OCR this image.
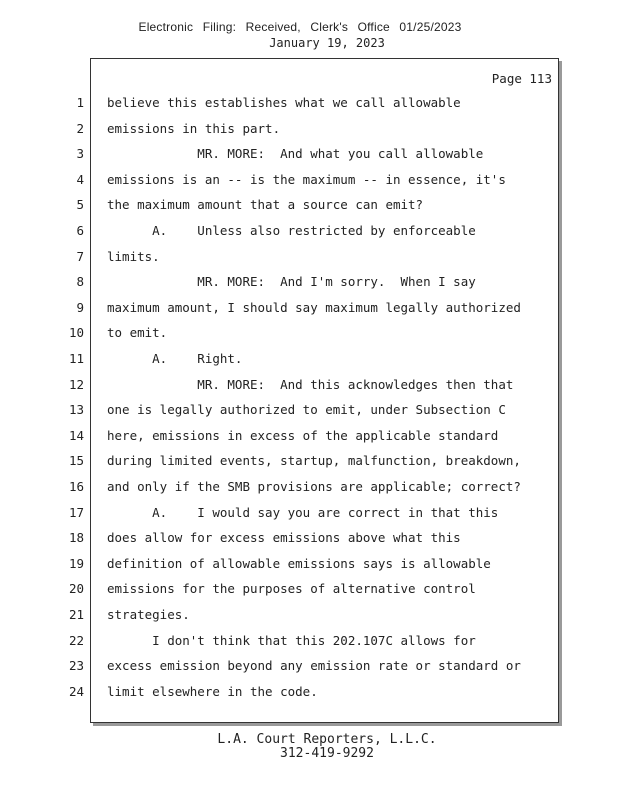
Electronic Filing: Received, Clerk's Office 01/25/2023
January 19, 2023
Page 113
1 believe this establishes what we call allowable
2 emissions in this part.
3 MR. MORE:  And what you call allowable
4 emissions is an -- is the maximum -- in essence, it's
5 the maximum amount that a source can emit?
6 A.    Unless also restricted by enforceable
7 limits.
8 MR. MORE:  And I'm sorry.  When I say
9 maximum amount, I should say maximum legally authorized
10 to emit.
11 A.    Right.
12 MR. MORE:  And this acknowledges then that
13 one is legally authorized to emit, under Subsection C
14 here, emissions in excess of the applicable standard
15 during limited events, startup, malfunction, breakdown,
16 and only if the SMB provisions are applicable; correct?
17 A.    I would say you are correct in that this
18 does allow for excess emissions above what this
19 definition of allowable emissions says is allowable
20 emissions for the purposes of alternative control
21 strategies.
22 I don't think that this 202.107C allows for
23 excess emission beyond any emission rate or standard or
24 limit elsewhere in the code.
L.A. Court Reporters, L.L.C.
312-419-9292
